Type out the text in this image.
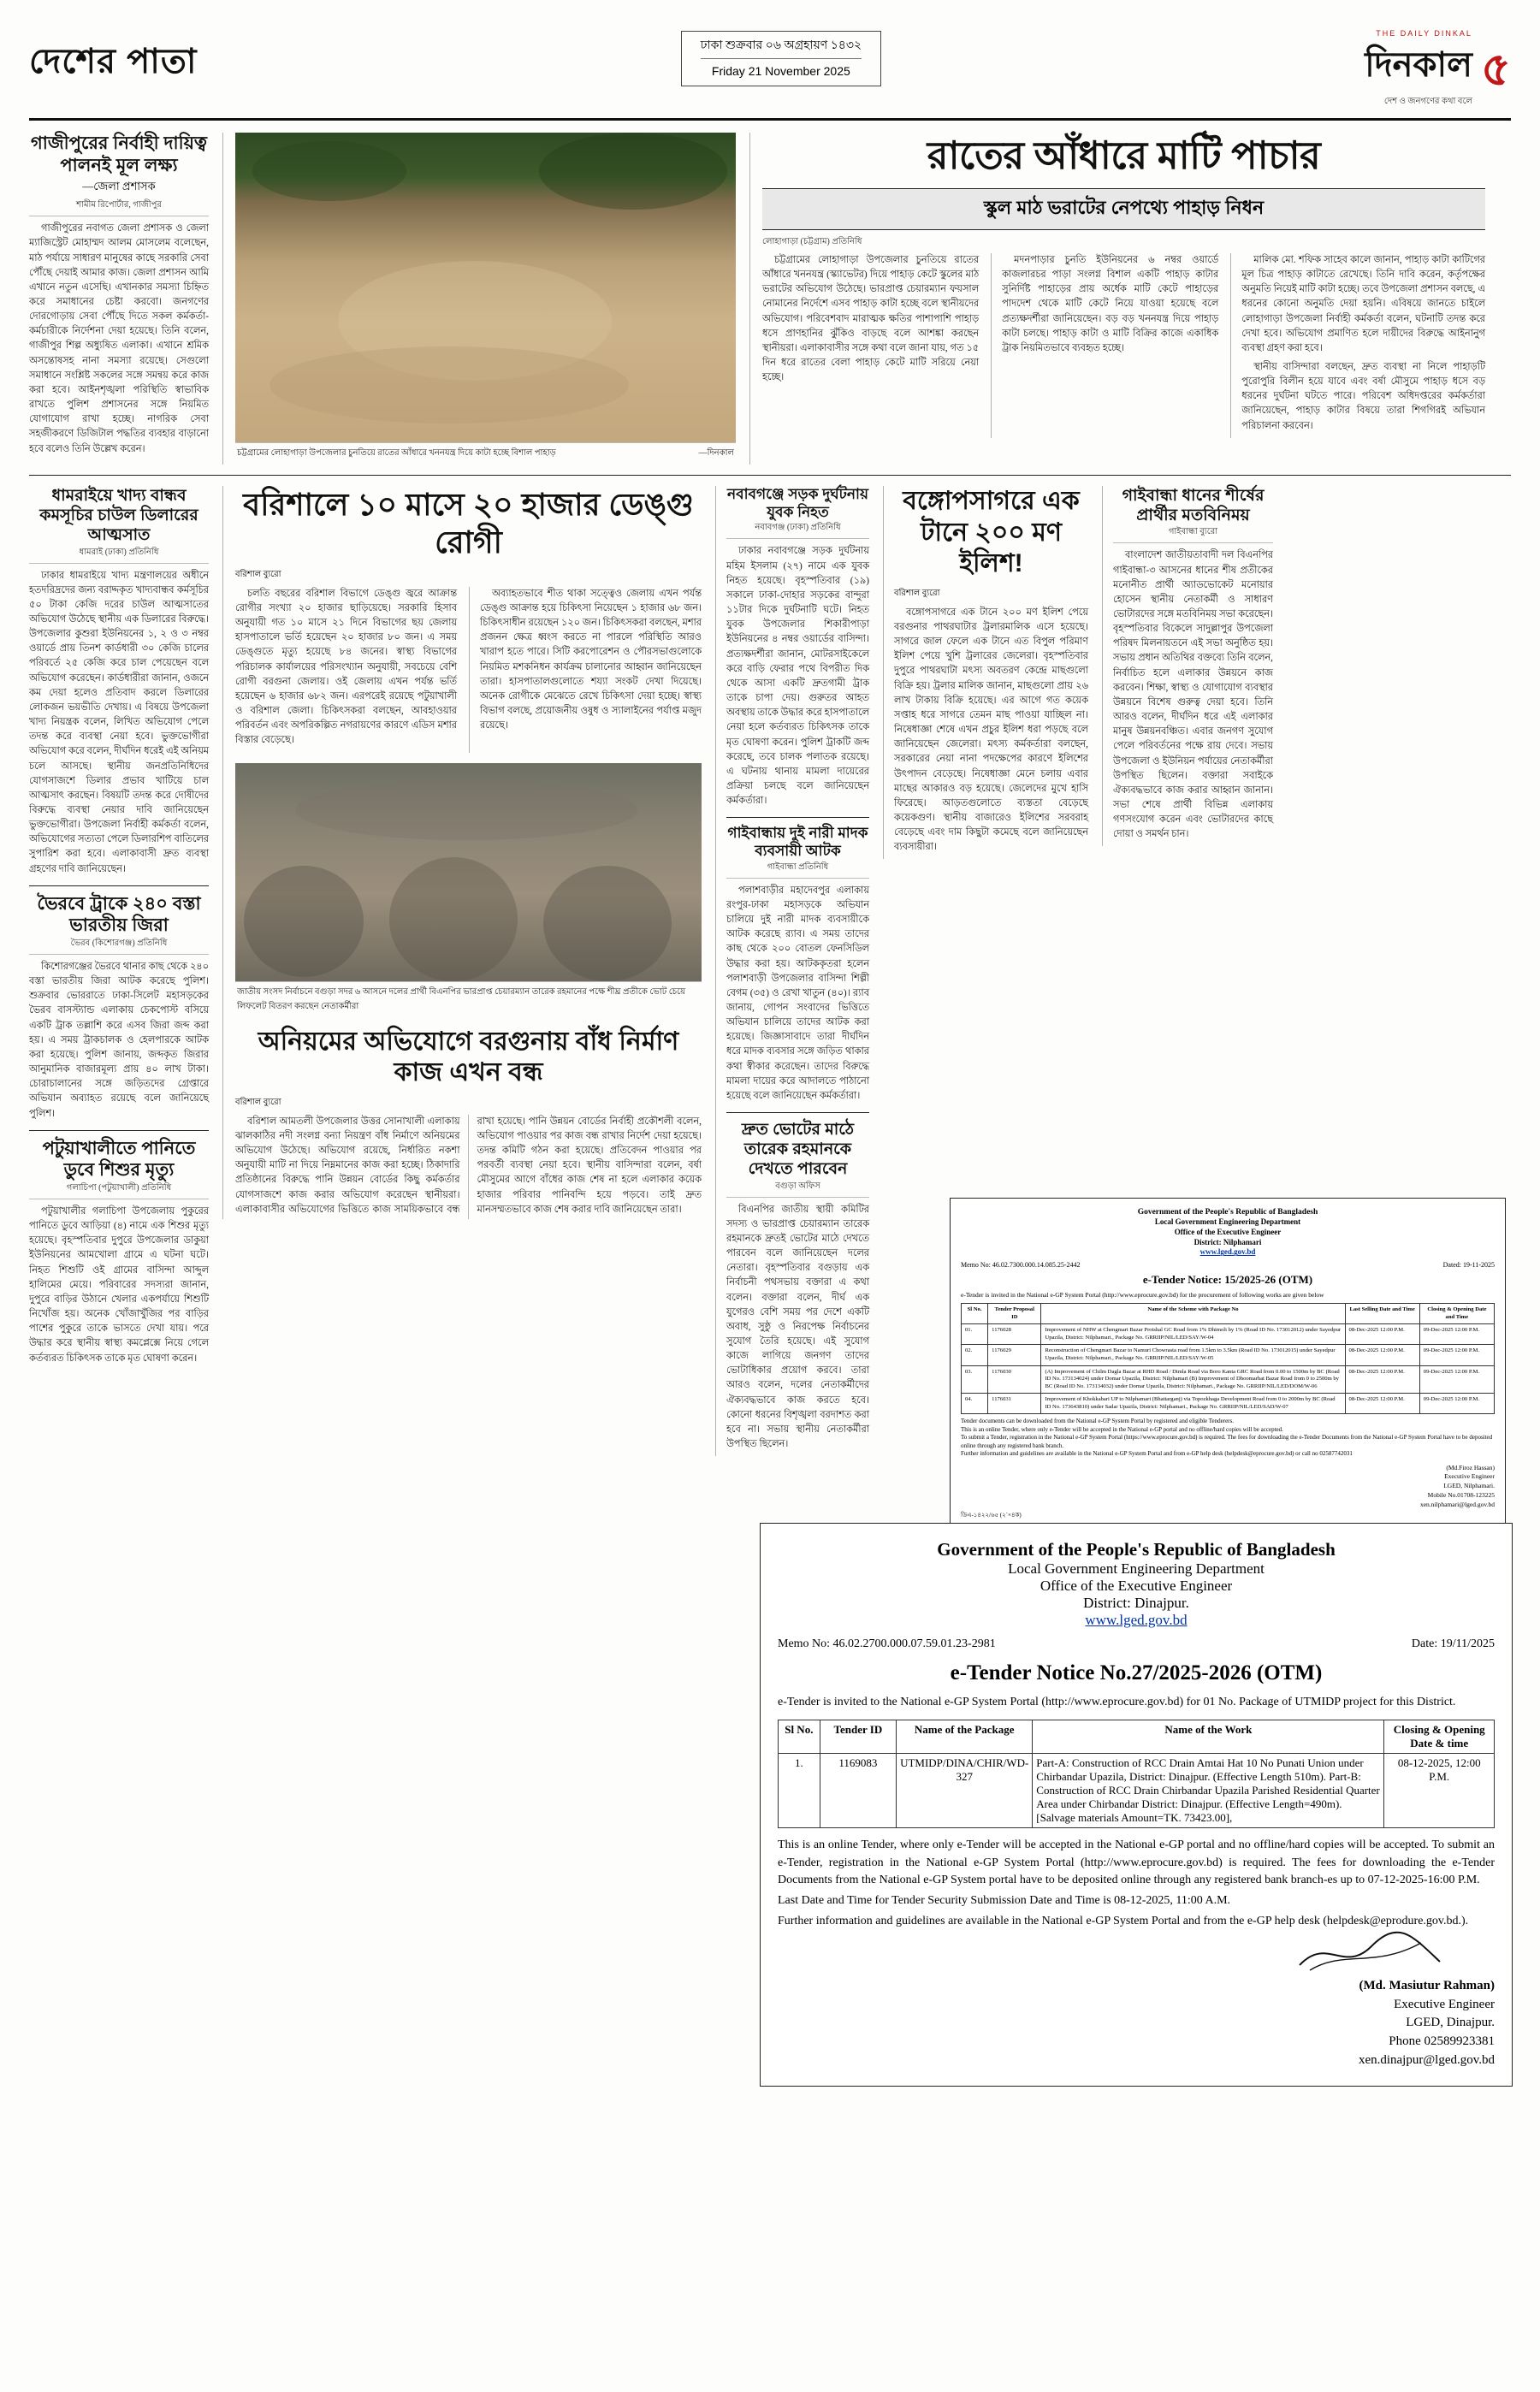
দেশের পাতা	ঢাকা শুক্রবার ০৬ অগ্রহায়ণ ১৪৩২
Friday 21 November 2025
THE DAILY DINKAL
দিনকাল
দেশ ও জনগণের কথা বলে
৫
গাজীপুরের নির্বাহী দায়িত্ব পালনই মূল লক্ষ্য
—জেলা প্রশাসক
শামীম রিপোর্টার, গাজীপুর

গাজীপুরের নবাগত জেলা প্রশাসক ও জেলা ম্যাজিস্ট্রেট মোহাম্মদ আলম মোসলেম বলেছেন, মাঠ পর্যায়ে সাধারণ মানুষের কাছে সরকারি সেবা পৌঁছে দেয়াই আমার কাজ। জেলা প্রশাসন আমি এখানে নতুন এসেছি। এখানকার সমস্যা চিহ্নিত করে সমাধানের চেষ্টা করবো। জনগণের দোরগোড়ায় সেবা পৌঁছে দিতে সকল কর্মকর্তা-কর্মচারীকে নির্দেশনা দেয়া হয়েছে। তিনি বলেন, গাজীপুর শিল্প অধ্যুষিত এলাকা। এখানে শ্রমিক অসন্তোষসহ নানা সমস্যা রয়েছে। সেগুলো সমাধানে সংশ্লিষ্ট সকলের সঙ্গে সমন্বয় করে কাজ করা হবে। আইনশৃঙ্খলা পরিস্থিতি স্বাভাবিক রাখতে পুলিশ প্রশাসনের সঙ্গে নিয়মিত যোগাযোগ রাখা হচ্ছে। নাগরিক সেবা সহজীকরণে ডিজিটাল পদ্ধতির ব্যবহার বাড়ানো হবে বলেও তিনি উল্লেখ করেন।	চট্টগ্রামের লোহাগাড়া উপজেলার চুনতিয়ে রাতের আঁধারে খননযন্ত্র দিয়ে কাটা হচ্ছে বিশাল পাহাড়	—দিনকাল
রাতের আঁধারে মাটি পাচার
স্কুল মাঠ ভরাটের নেপথ্যে পাহাড় নিধন
লোহাগাড়া (চট্টগ্রাম) প্রতিনিধি

চট্টগ্রামের লোহাগাড়া উপজেলার চুনতিয়ে রাতের আঁধারে খননযন্ত্র (স্ক্যাভেটর) দিয়ে পাহাড় কেটে স্কুলের মাঠ ভরাটের অভিযোগ উঠেছে। ভারপ্রাপ্ত চেয়ারম্যান ফয়সাল নোমানের নির্দেশে এসব পাহাড় কাটা হচ্ছে বলে স্থানীয়দের অভিযোগ। পরিবেশবাদ মারাত্মক ক্ষতির পাশাপাশি পাহাড় ধসে প্রাণহানির ঝুঁকিও বাড়ছে বলে আশঙ্কা করছেন স্থানীয়রা। এলাকাবাসীর সঙ্গে কথা বলে জানা যায়, গত ১৫ দিন ধরে রাতের বেলা পাহাড় কেটে মাটি সরিয়ে নেয়া হচ্ছে।

মদনপাড়ার চুনতি ইউনিয়নের ৬ নম্বর ওয়ার্ডে কাজলারচর পাড়া সংলগ্ন বিশাল একটি পাহাড় কাটার সুনির্দিষ্ট পাহাড়ের প্রায় অর্ধেক মাটি কেটে পাহাড়ের পাদদেশ থেকে মাটি কেটে নিয়ে যাওয়া হয়েছে বলে প্রত্যক্ষদর্শীরা জানিয়েছেন। বড় বড় খননযন্ত্র দিয়ে পাহাড় কাটা চলছে। পাহাড় কাটা ও মাটি বিক্রির কাজে একাধিক ট্রাক নিয়মিতভাবে ব্যবহৃত হচ্ছে।

মালিক মো. শফিক সাহেব কালে জানান, পাহাড় কাটা কাটিগের মূল চিত্র পাহাড় কাটাতে রেখেছে। তিনি দাবি করেন, কর্তৃপক্ষের অনুমতি নিয়েই মাটি কাটা হচ্ছে। তবে উপজেলা প্রশাসন বলছে, এ ধরনের কোনো অনুমতি দেয়া হয়নি। এবিষয়ে জানতে চাইলে লোহাগাড়া উপজেলা নির্বাহী কর্মকর্তা বলেন, ঘটনাটি তদন্ত করে দেখা হবে। অভিযোগ প্রমাণিত হলে দায়ীদের বিরুদ্ধে আইনানুগ ব্যবস্থা গ্রহণ করা হবে।

স্থানীয় বাসিন্দারা বলছেন, দ্রুত ব্যবস্থা না নিলে পাহাড়টি পুরোপুরি বিলীন হয়ে যাবে এবং বর্ষা মৌসুমে পাহাড় ধসে বড় ধরনের দুর্ঘটনা ঘটতে পারে। পরিবেশ অধিদপ্তরের কর্মকর্তারা জানিয়েছেন, পাহাড় কাটার বিষয়ে তারা শিগগিরই অভিযান পরিচালনা করবেন।

ধামরাইয়ে খাদ্য বান্ধব কমসূচির চাউল ডিলারের আত্মসাত
ধামরাই (ঢাকা) প্রতিনিধি

ঢাকার ধামরাইয়ে খাদ্য মন্ত্রণালয়ের অধীনে হতদরিদ্রদের জন্য বরাদ্দকৃত খাদ্যবান্ধব কর্মসূচির ৫০ টাকা কেজি দরের চাউল আত্মসাতের অভিযোগ উঠেছে স্থানীয় এক ডিলারের বিরুদ্ধে। উপজেলার কুশুরা ইউনিয়নের ১, ২ ও ৩ নম্বর ওয়ার্ডে প্রায় তিনশ কার্ডধারী ৩০ কেজি চালের পরিবর্তে ২৫ কেজি করে চাল পেয়েছেন বলে অভিযোগ করেছেন। কার্ডধারীরা জানান, ওজনে কম দেয়া হলেও প্রতিবাদ করলে ডিলারের লোকজন ভয়ভীতি দেখায়। এ বিষয়ে উপজেলা খাদ্য নিয়ন্ত্রক বলেন, লিখিত অভিযোগ পেলে তদন্ত করে ব্যবস্থা নেয়া হবে। ভুক্তভোগীরা অভিযোগ করে বলেন, দীর্ঘদিন ধরেই এই অনিয়ম চলে আসছে। স্থানীয় জনপ্রতিনিধিদের যোগসাজশে ডিলার প্রভাব খাটিয়ে চাল আত্মসাৎ করছেন। বিষয়টি তদন্ত করে দোষীদের বিরুদ্ধে ব্যবস্থা নেয়ার দাবি জানিয়েছেন ভুক্তভোগীরা। উপজেলা নির্বাহী কর্মকর্তা বলেন, অভিযোগের সত্যতা পেলে ডিলারশিপ বাতিলের সুপারিশ করা হবে। এলাকাবাসী দ্রুত ব্যবস্থা গ্রহণের দাবি জানিয়েছেন।

ভৈরবে ট্রাকে ২৪০ বস্তা ভারতীয় জিরা
ভৈরব (কিশোরগঞ্জ) প্রতিনিধি

কিশোরগঞ্জের ভৈরবে থানার কাছ থেকে ২৪০ বস্তা ভারতীয় জিরা আটক করেছে পুলিশ। শুক্রবার ভোররাতে ঢাকা-সিলেট মহাসড়কের ভৈরব বাসস্ট্যান্ড এলাকায় চেকপোস্ট বসিয়ে একটি ট্রাক তল্লাশি করে এসব জিরা জব্দ করা হয়। এ সময় ট্রাকচালক ও হেলপারকে আটক করা হয়েছে। পুলিশ জানায়, জব্দকৃত জিরার আনুমানিক বাজারমূল্য প্রায় ৪০ লাখ টাকা। চোরাচালানের সঙ্গে জড়িতদের গ্রেপ্তারে অভিযান অব্যাহত রয়েছে বলে জানিয়েছে পুলিশ।

পটুয়াখালীতে পানিতে ডুবে শিশুর মৃত্যু
গলাচিপা (পটুয়াখালী) প্রতিনিধি

পটুয়াখালীর গলাচিপা উপজেলায় পুকুরের পানিতে ডুবে আড়িয়া (৪) নামে এক শিশুর মৃত্যু হয়েছে। বৃহস্পতিবার দুপুরে উপজেলার ডাকুয়া ইউনিয়নের আমখোলা গ্রামে এ ঘটনা ঘটে। নিহত শিশুটি ওই গ্রামের বাসিন্দা আব্দুল হালিমের মেয়ে। পরিবারের সদস্যরা জানান, দুপুরে বাড়ির উঠানে খেলার একপর্যায়ে শিশুটি নিখোঁজ হয়। অনেক খোঁজাখুঁজির পর বাড়ির পাশের পুকুরে তাকে ভাসতে দেখা যায়। পরে উদ্ধার করে স্থানীয় স্বাস্থ্য কমপ্লেক্সে নিয়ে গেলে কর্তব্যরত চিকিৎসক তাকে মৃত ঘোষণা করেন।

বরিশালে ১০ মাসে ২০ হাজার ডেঙ্গু রোগী
বরিশাল ব্যুরো

চলতি বছরের বরিশাল বিভাগে ডেঙ্গু জ্বরে আক্রান্ত রোগীর সংখ্যা ২০ হাজার ছাড়িয়েছে। সরকারি হিসাব অনুযায়ী গত ১০ মাসে ২১ দিনে বিভাগের ছয় জেলায় হাসপাতালে ভর্তি হয়েছেন ২০ হাজার ৮০ জন। এ সময় ডেঙ্গুতে মৃত্যু হয়েছে ৮৪ জনের। স্বাস্থ্য বিভাগের পরিচালক কার্যালয়ের পরিসংখ্যান অনুযায়ী, সবচেয়ে বেশি রোগী বরগুনা জেলায়। ওই জেলায় এখন পর্যন্ত ভর্তি হয়েছেন ৬ হাজার ৬৮২ জন। এরপরেই রয়েছে পটুয়াখালী ও বরিশাল জেলা। চিকিৎসকরা বলছেন, আবহাওয়ার পরিবর্তন এবং অপরিকল্পিত নগরায়ণের কারণে এডিস মশার বিস্তার বেড়েছে।

অব্যাহতভাবে শীত থাকা সত্ত্বেও জেলায় এখন পর্যন্ত ডেঙ্গু আক্রান্ত হয়ে চিকিৎসা নিয়েছেন ১ হাজার ৬৮ জন। চিকিৎসাধীন রয়েছেন ১২০ জন। চিকিৎসকরা বলছেন, মশার প্রজনন ক্ষেত্র ধ্বংস করতে না পারলে পরিস্থিতি আরও খারাপ হতে পারে। সিটি করপোরেশন ও পৌরসভাগুলোকে নিয়মিত মশকনিধন কার্যক্রম চালানোর আহ্বান জানিয়েছেন তারা। হাসপাতালগুলোতে শয্যা সংকট দেখা দিয়েছে। অনেক রোগীকে মেঝেতে রেখে চিকিৎসা দেয়া হচ্ছে। স্বাস্থ্য বিভাগ বলছে, প্রয়োজনীয় ওষুধ ও স্যালাইনের পর্যাপ্ত মজুদ রয়েছে।

জাতীয় সংসদ নির্বাচনে বগুড়া সদর ৬ আসনে দলের প্রার্থী বিএনপির ভারপ্রাপ্ত চেয়ারম্যান তারেক রহমানের পক্ষে শীঘ্র প্রতীকে ভোট চেয়ে লিফলেট বিতরণ করছেন নেতাকর্মীরা
অনিয়মের অভিযোগে বরগুনায় বাঁধ নির্মাণ কাজ এখন বন্ধ
বরিশাল ব্যুরো

বরিশাল আমতলী উপজেলার উত্তর সোনাখালী এলাকায় ঝালকাঠির নদী সংলগ্ন বন্যা নিয়ন্ত্রণ বাঁধ নির্মাণে অনিয়মের অভিযোগ উঠেছে। অভিযোগ রয়েছে, নির্ধারিত নকশা অনুযায়ী মাটি না দিয়ে নিম্নমানের কাজ করা হচ্ছে। ঠিকাদারি প্রতিষ্ঠানের বিরুদ্ধে পানি উন্নয়ন বোর্ডের কিছু কর্মকর্তার যোগসাজশে কাজ করার অভিযোগ করেছেন স্থানীয়রা। এলাকাবাসীর অভিযোগের ভিত্তিতে কাজ সাময়িকভাবে বন্ধ রাখা হয়েছে। পানি উন্নয়ন বোর্ডের নির্বাহী প্রকৌশলী বলেন, অভিযোগ পাওয়ার পর কাজ বন্ধ রাখার নির্দেশ দেয়া হয়েছে। তদন্ত কমিটি গঠন করা হয়েছে। প্রতিবেদন পাওয়ার পর পরবর্তী ব্যবস্থা নেয়া হবে। স্থানীয় বাসিন্দারা বলেন, বর্ষা মৌসুমের আগে বাঁধের কাজ শেষ না হলে এলাকার কয়েক হাজার পরিবার পানিবন্দি হয়ে পড়বে। তাই দ্রুত মানসম্মতভাবে কাজ শেষ করার দাবি জানিয়েছেন তারা।

নবাবগঞ্জে সড়ক দুর্ঘটনায় যুবক নিহত
নবাবগঞ্জ (ঢাকা) প্রতিনিধি

ঢাকার নবাবগঞ্জে সড়ক দুর্ঘটনায় মহিম ইসলাম (২৭) নামে এক যুবক নিহত হয়েছে। বৃহস্পতিবার (১৯) সকালে ঢাকা-দোহার সড়কের বান্দুরা ১১টার দিকে দুর্ঘটনাটি ঘটে। নিহত যুবক উপজেলার শিকারীপাড়া ইউনিয়নের ৪ নম্বর ওয়ার্ডের বাসিন্দা। প্রত্যক্ষদর্শীরা জানান, মোটরসাইকেলে করে বাড়ি ফেরার পথে বিপরীত দিক থেকে আসা একটি দ্রুতগামী ট্রাক তাকে চাপা দেয়। গুরুতর আহত অবস্থায় তাকে উদ্ধার করে হাসপাতালে নেয়া হলে কর্তব্যরত চিকিৎসক তাকে মৃত ঘোষণা করেন। পুলিশ ট্রাকটি জব্দ করেছে, তবে চালক পলাতক রয়েছে। এ ঘটনায় থানায় মামলা দায়েরের প্রক্রিয়া চলছে বলে জানিয়েছেন কর্মকর্তারা।

গাইবান্ধায় দুই নারী মাদক ব্যবসায়ী আটক
গাইবান্ধা প্রতিনিধি

পলাশবাড়ীর মহাদেবপুর এলাকায় রংপুর-ঢাকা মহাসড়কে অভিযান চালিয়ে দুই নারী মাদক ব্যবসায়ীকে আটক করেছে র‌্যাব। এ সময় তাদের কাছ থেকে ২০০ বোতল ফেনসিডিল উদ্ধার করা হয়। আটককৃতরা হলেন পলাশবাড়ী উপজেলার বাসিন্দা শিল্পী বেগম (৩৫) ও রেখা খাতুন (৪০)। র‌্যাব জানায়, গোপন সংবাদের ভিত্তিতে অভিযান চালিয়ে তাদের আটক করা হয়েছে। জিজ্ঞাসাবাদে তারা দীর্ঘদিন ধরে মাদক ব্যবসার সঙ্গে জড়িত থাকার কথা স্বীকার করেছেন। তাদের বিরুদ্ধে মামলা দায়ের করে আদালতে পাঠানো হয়েছে বলে জানিয়েছেন কর্মকর্তারা।

দ্রুত ভোটের মাঠে তারেক রহমানকে দেখতে পারবেন
বগুড়া অফিস

বিএনপির জাতীয় স্থায়ী কমিটির সদস্য ও ভারপ্রাপ্ত চেয়ারম্যান তারেক রহমানকে দ্রুতই ভোটের মাঠে দেখতে পারবেন বলে জানিয়েছেন দলের নেতারা। বৃহস্পতিবার বগুড়ায় এক নির্বাচনী পথসভায় বক্তারা এ কথা বলেন। বক্তারা বলেন, দীর্ঘ এক যুগেরও বেশি সময় পর দেশে একটি অবাধ, সুষ্ঠু ও নিরপেক্ষ নির্বাচনের সুযোগ তৈরি হয়েছে। এই সুযোগ কাজে লাগিয়ে জনগণ তাদের ভোটাধিকার প্রয়োগ করবে। তারা আরও বলেন, দলের নেতাকর্মীদের ঐক্যবদ্ধভাবে কাজ করতে হবে। কোনো ধরনের বিশৃঙ্খলা বরদাশত করা হবে না। সভায় স্থানীয় নেতাকর্মীরা উপস্থিত ছিলেন।

বঙ্গোপসাগরে এক টানে ২০০ মণ ইলিশ!
বরিশাল ব্যুরো

বঙ্গোপসাগরে এক টানে ২০০ মণ ইলিশ পেয়ে বরগুনার পাথরঘাটার ট্রলারমালিক এসে হয়েছে। সাগরে জাল ফেলে এক টানে এত বিপুল পরিমাণ ইলিশ পেয়ে খুশি ট্রলারের জেলেরা। বৃহস্পতিবার দুপুরে পাথরঘাটা মৎস্য অবতরণ কেন্দ্রে মাছগুলো বিক্রি হয়। ট্রলার মালিক জানান, মাছগুলো প্রায় ২৬ লাখ টাকায় বিক্রি হয়েছে। এর আগে গত কয়েক সপ্তাহ ধরে সাগরে তেমন মাছ পাওয়া যাচ্ছিল না। নিষেধাজ্ঞা শেষে এখন প্রচুর ইলিশ ধরা পড়ছে বলে জানিয়েছেন জেলেরা। মৎস্য কর্মকর্তারা বলছেন, সরকারের নেয়া নানা পদক্ষেপের কারণে ইলিশের উৎপাদন বেড়েছে। নিষেধাজ্ঞা মেনে চলায় এবার মাছের আকারও বড় হয়েছে। জেলেদের মুখে হাসি ফিরেছে। আড়তগুলোতে ব্যস্ততা বেড়েছে কয়েকগুণ। স্থানীয় বাজারেও ইলিশের সরবরাহ বেড়েছে এবং দাম কিছুটা কমেছে বলে জানিয়েছেন ব্যবসায়ীরা।

গাইবান্ধা ধানের শীর্ষের প্রার্থীর মতবিনিময়
গাইবান্ধা ব্যুরো

বাংলাদেশ জাতীয়তাবাদী দল বিএনপির গাইবান্ধা-৩ আসনের ধানের শীষ প্রতীকের মনোনীত প্রার্থী অ্যাডভোকেট মনোয়ার হোসেন স্থানীয় নেতাকর্মী ও সাধারণ ভোটারদের সঙ্গে মতবিনিময় সভা করেছেন। বৃহস্পতিবার বিকেলে সাদুল্লাপুর উপজেলা পরিষদ মিলনায়তনে এই সভা অনুষ্ঠিত হয়। সভায় প্রধান অতিথির বক্তব্যে তিনি বলেন, নির্বাচিত হলে এলাকার উন্নয়নে কাজ করবেন। শিক্ষা, স্বাস্থ্য ও যোগাযোগ ব্যবস্থার উন্নয়নে বিশেষ গুরুত্ব দেয়া হবে। তিনি আরও বলেন, দীর্ঘদিন ধরে এই এলাকার মানুষ উন্নয়নবঞ্চিত। এবার জনগণ সুযোগ পেলে পরিবর্তনের পক্ষে রায় দেবে। সভায় উপজেলা ও ইউনিয়ন পর্যায়ের নেতাকর্মীরা উপস্থিত ছিলেন। বক্তারা সবাইকে ঐক্যবদ্ধভাবে কাজ করার আহ্বান জানান। সভা শেষে প্রার্থী বিভিন্ন এলাকায় গণসংযোগ করেন এবং ভোটারদের কাছে দোয়া ও সমর্থন চান।

Government of the People's Republic of Bangladesh
Local Government Engineering Department
Office of the Executive Engineer
District: Nilphamari
www.lged.gov.bd
Memo No: 46.02.7300.000.14.085.25-2442	Dated: 19-11-2025
e-Tender Notice: 15/2025-26 (OTM)
e-Tender is invited in the National e-GP System Portal (http://www.eprocure.gov.bd) for the procurement of following works are given below
Sl No.	Tender Proposal ID	Name of the Scheme with Package No	Last Selling Date and Time	Closing & Opening Date and Time
01.	1176028	Improvement of NHW at Chengmari Bazar Protshal GC Road from 1% Dhimoli by 1% (Road ID No. 173012012) under Sayedpur Upazila, District: Nilphamari., Package No. GRRIIP/NIL/LED/SAY/W-04	08-Dec-2025 12:00 P.M.	09-Dec-2025 12:00 P.M.
02.	1176029	Reconstruction of Chengmari Bazar to Namuri Chowrasta road from 1.5km to 3.5km (Road ID No. 173012015) under Sayedpur Upazila, District: Nilphamari., Package No. GRRIIP/NIL/LED/SAY/W-05	08-Dec-2025 12:00 P.M.	09-Dec-2025 12:00 P.M.
03.	1176030	(A) Improvement of Chilm Dagla Bazar at RHD Road / Dimla Road via Boro Kanta GRC Road from 0.00 to 1500m by BC (Road ID No. 173134024) under Domar Upazila, District: Nilphamari (B) Improvement of Dhoomarhat Bazar Road from 0 to 2500m by BC (Road ID No. 173134032) under Domar Upazila, District: Nilphamari., Package No. GRRIIP/NIL/LED/DOM/W-06	08-Dec-2025 12:00 P.M.	09-Dec-2025 12:00 P.M.
04.	1176031	Improvement of Khokkabari UP to Nilphamari (Bhattarganj) via Topozkhaga Development Road from 0 to 2000m by BC (Road ID No. 173643810) under Sadar Upazila, District: Nilphamari., Package No. GRRIIP/NIL/LED/SAD/W-07	08-Dec-2025 12:00 P.M.	09-Dec-2025 12:00 P.M.
Tender documents can be downloaded from the National e-GP System Portal by registered and eligible Tenderers.
This is an online Tender, where only e-Tender will be accepted in the National e-GP portal and no offline/hard copies will be accepted.
To submit a Tender, registration in the National e-GP System Portal (https://www.eprocure.gov.bd) is required. The fees for downloading the e-Tender Documents from the National e-GP System Portal have to be deposited online through any registered bank branch.
Further information and guidelines are available in the National e-GP System Portal and from e-GP help desk (helpdesk@eprocure.gov.bd) or call no 02587742031
(Md.Firoz Hassan)
Executive Engineer
LGED, Nilphamari.
Mobile No.01708-123225
xen.nilphamari@lged.gov.bd
ডিএ-১৪২২/৬৫ (২´×৪ক)
Government of the People's Republic of Bangladesh
Local Government Engineering Department
Office of the Executive Engineer
District: Dinajpur.
www.lged.gov.bd
Memo No: 46.02.2700.000.07.59.01.23-2981	Date: 19/11/2025
e-Tender Notice No.27/2025-2026 (OTM)
e-Tender is invited to the National e-GP System Portal (http://www.eprocure.gov.bd) for 01 No. Package of UTMIDP project for this District.
Sl No.	Tender ID	Name of the Package	Name of the Work	Closing & Opening Date & time
1.	1169083	UTMIDP/DINA/CHIR/WD-327	Part-A: Construction of RCC Drain Amtai Hat 10 No Punati Union under Chirbandar Upazila, District: Dinajpur. (Effective Length 510m). Part-B: Construction of RCC Drain Chirbandar Upazila Parished Residential Quarter Area under Chirbandar District: Dinajpur. (Effective Length=490m). [Salvage materials Amount=TK. 73423.00],	08-12-2025, 12:00 P.M.
This is an online Tender, where only e-Tender will be accepted in the National e-GP portal and no offline/hard copies will be accepted. To submit an e-Tender, registration in the National e-GP System Portal (http://www.eprocure.gov.bd) is required. The fees for downloading the e-Tender Documents from the National e-GP System portal have to be deposited online through any registered bank branch-es up to 07-12-2025-16:00 P.M.
Last Date and Time for Tender Security Submission Date and Time is 08-12-2025, 11:00 A.M.
Further information and guidelines are available in the National e-GP System Portal and from the e-GP help desk (helpdesk@eprodure.gov.bd.).
(Md. Masiutur Rahman)
Executive Engineer
LGED, Dinajpur.
Phone 02589923381
xen.dinajpur@lged.gov.bd
